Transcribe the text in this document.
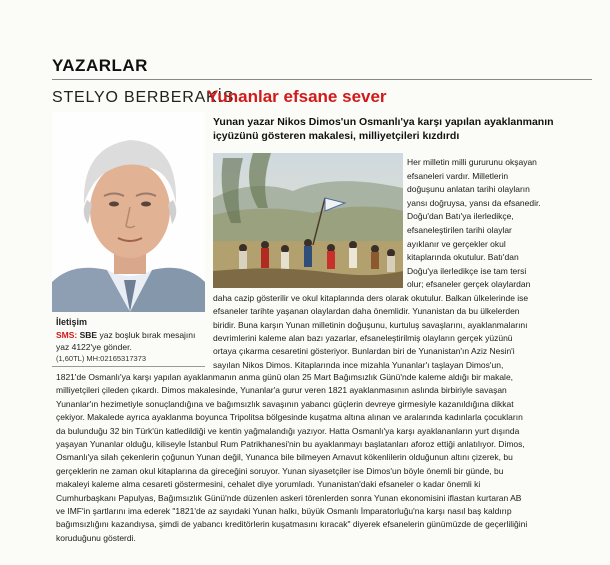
YAZARLAR
STELYO BERBERAKİS
Yunanlar efsane sever
İletişim
SMS: SBE yaz boşluk bırak mesajını
yaz 4122'ye gönder.
(1,60TL) MH:02165317373
Yunan yazar Nikos Dimos'un Osmanlı'ya karşı yapılan ayaklanmanın içyüzünü gösteren makalesi, milliyetçileri kızdırdı
Her milletin milli gururunu okşayan
efsaneleri vardır. Milletlerin
doğuşunu anlatan tarihi olayların
yansı doğruysa, yansı da efsanedir.
Doğu'dan Batı'ya ilerledikçe,
efsaneleştirilen tarihi olaylar
ayıklanır ve gerçekler okul
kitaplarında okutulur. Batı'dan
Doğu'ya ilerledikçe ise tam tersi
olur; efsaneler gerçek olaylardan
daha cazip gösterilir ve okul kitaplarında ders olarak okutulur. Balkan ülkelerinde ise
efsaneler tarihte yaşanan olaylardan daha önemlidir. Yunanistan da bu ülkelerden
biridir. Buna karşın Yunan milletinin doğuşunu, kurtuluş savaşlarını, ayaklanmalarını
devrimlerini kaleme alan bazı yazarlar, efsaneleştirilmiş olayların gerçek yüzünü
ortaya çıkarma cesaretini gösteriyor. Bunlardan biri de Yunanistan'ın Aziz Nesin'i
sayılan Nikos Dimos. Kitaplarında ince mizahla Yunanlar'ı taşlayan Dimos'un,
1821'de Osmanlı'ya karşı yapılan ayaklanmanın anma günü olan 25 Mart Bağımsızlık Günü'nde kaleme aldığı bir makale,
milliyetçileri çileden çıkardı. Dimos makalesinde, Yunanlar'a gurur veren 1821 ayaklanmasının aslında birbiriyle savaşan
Yunanlar'ın hezimetiyle sonuçlandığına ve bağımsızlık savaşının yabancı güçlerin devreye girmesiyle kazanıldığına dikkat
çekiyor. Makalede ayrıca ayaklanma boyunca Tripolitsa bölgesinde kuşatma altına alınan ve aralarında kadınlarla çocukların
da bulunduğu 32 bin Türk'ün katledildiği ve kentin yağmalandığı yazıyor. Hatta Osmanlı'ya karşı ayaklananların yurt dışında
yaşayan Yunanlar olduğu, kiliseyle İstanbul Rum Patrikhanesi'nin bu ayaklanmayı başlatanları aforoz ettiği anlatılıyor. Dimos,
Osmanlı'ya silah çekenlerin çoğunun Yunan değil, Yunanca bile bilmeyen Arnavut kökenlilerin olduğunun altını çizerek, bu
gerçeklerin ne zaman okul kitaplarına da gireceğini soruyor. Yunan siyasetçiler ise Dimos'un böyle önemli bir günde, bu
makaleyi kaleme alma cesareti göstermesini, cehalet diye yorumladı. Yunanistan'daki efsaneler o kadar önemli ki
Cumhurbaşkanı Papulyas, Bağımsızlık Günü'nde düzenlen askeri törenlerden sonra Yunan ekonomisini iflastan kurtaran AB
ve IMF'in şartlarını ima ederek "1821'de az sayıdaki Yunan halkı, büyük Osmanlı İmparatorluğu'na karşı nasıl baş kaldırıp
bağımsızlığını kazandıysa, şimdi de yabancı kreditörlerin kuşatmasını kıracak" diyerek efsanelerin günümüzde de geçerliliğini
koruduğunu gösterdi.
